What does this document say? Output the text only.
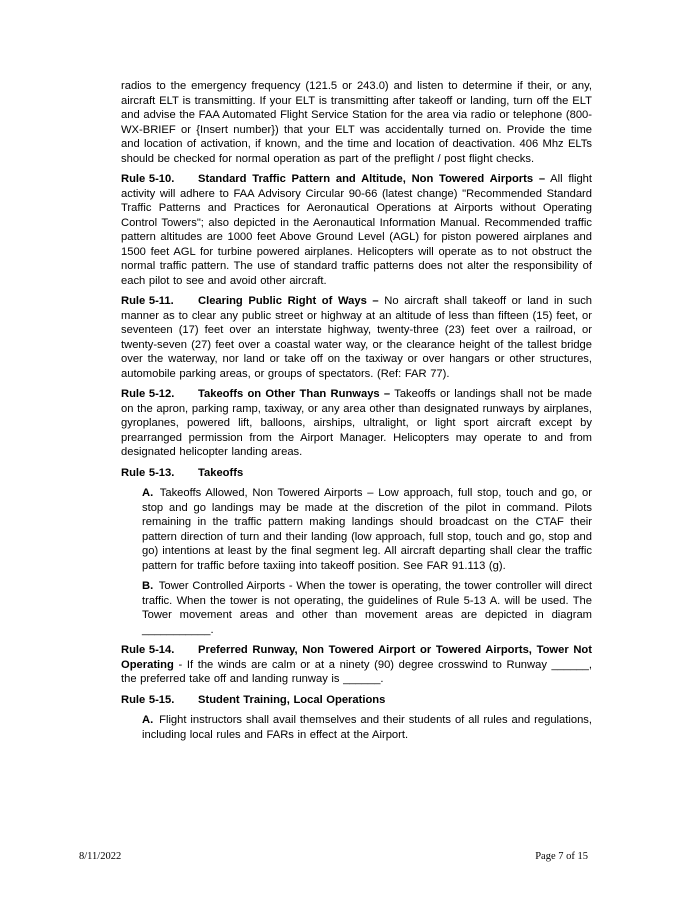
radios to the emergency frequency (121.5 or 243.0) and listen to determine if their, or any, aircraft ELT is transmitting. If your ELT is transmitting after takeoff or landing, turn off the ELT and advise the FAA Automated Flight Service Station for the area via radio or telephone (800-WX-BRIEF or {Insert number}) that your ELT was accidentally turned on. Provide the time and location of activation, if known, and the time and location of deactivation. 406 Mhz ELTs should be checked for normal operation as part of the preflight / post flight checks.

Rule 5-10. Standard Traffic Pattern and Altitude, Non Towered Airports – All flight activity will adhere to FAA Advisory Circular 90-66 (latest change) "Recommended Standard Traffic Patterns and Practices for Aeronautical Operations at Airports without Operating Control Towers"; also depicted in the Aeronautical Information Manual. Recommended traffic pattern altitudes are 1000 feet Above Ground Level (AGL) for piston powered airplanes and 1500 feet AGL for turbine powered airplanes. Helicopters will operate as to not obstruct the normal traffic pattern. The use of standard traffic patterns does not alter the responsibility of each pilot to see and avoid other aircraft.

Rule 5-11. Clearing Public Right of Ways – No aircraft shall takeoff or land in such manner as to clear any public street or highway at an altitude of less than fifteen (15) feet, or seventeen (17) feet over an interstate highway, twenty-three (23) feet over a railroad, or twenty-seven (27) feet over a coastal water way, or the clearance height of the tallest bridge over the waterway, nor land or take off on the taxiway or over hangars or other structures, automobile parking areas, or groups of spectators. (Ref: FAR 77).

Rule 5-12. Takeoffs on Other Than Runways – Takeoffs or landings shall not be made on the apron, parking ramp, taxiway, or any area other than designated runways by airplanes, gyroplanes, powered lift, balloons, airships, ultralight, or light sport aircraft except by prearranged permission from the Airport Manager. Helicopters may operate to and from designated helicopter landing areas.

Rule 5-13. Takeoffs

A. Takeoffs Allowed, Non Towered Airports – Low approach, full stop, touch and go, or stop and go landings may be made at the discretion of the pilot in command. Pilots remaining in the traffic pattern making landings should broadcast on the CTAF their pattern direction of turn and their landing (low approach, full stop, touch and go, stop and go) intentions at least by the final segment leg. All aircraft departing shall clear the traffic pattern for traffic before taxiing into takeoff position. See FAR 91.113 (g).

B. Tower Controlled Airports - When the tower is operating, the tower controller will direct traffic. When the tower is not operating, the guidelines of Rule 5-13 A. will be used. The Tower movement areas and other than movement areas are depicted in diagram ___________.

Rule 5-14. Preferred Runway, Non Towered Airport or Towered Airports, Tower Not Operating - If the winds are calm or at a ninety (90) degree crosswind to Runway ______, the preferred take off and landing runway is ______.

Rule 5-15. Student Training, Local Operations

A. Flight instructors shall avail themselves and their students of all rules and regulations, including local rules and FARs in effect at the Airport.

8/11/2022	Page 7 of 15
